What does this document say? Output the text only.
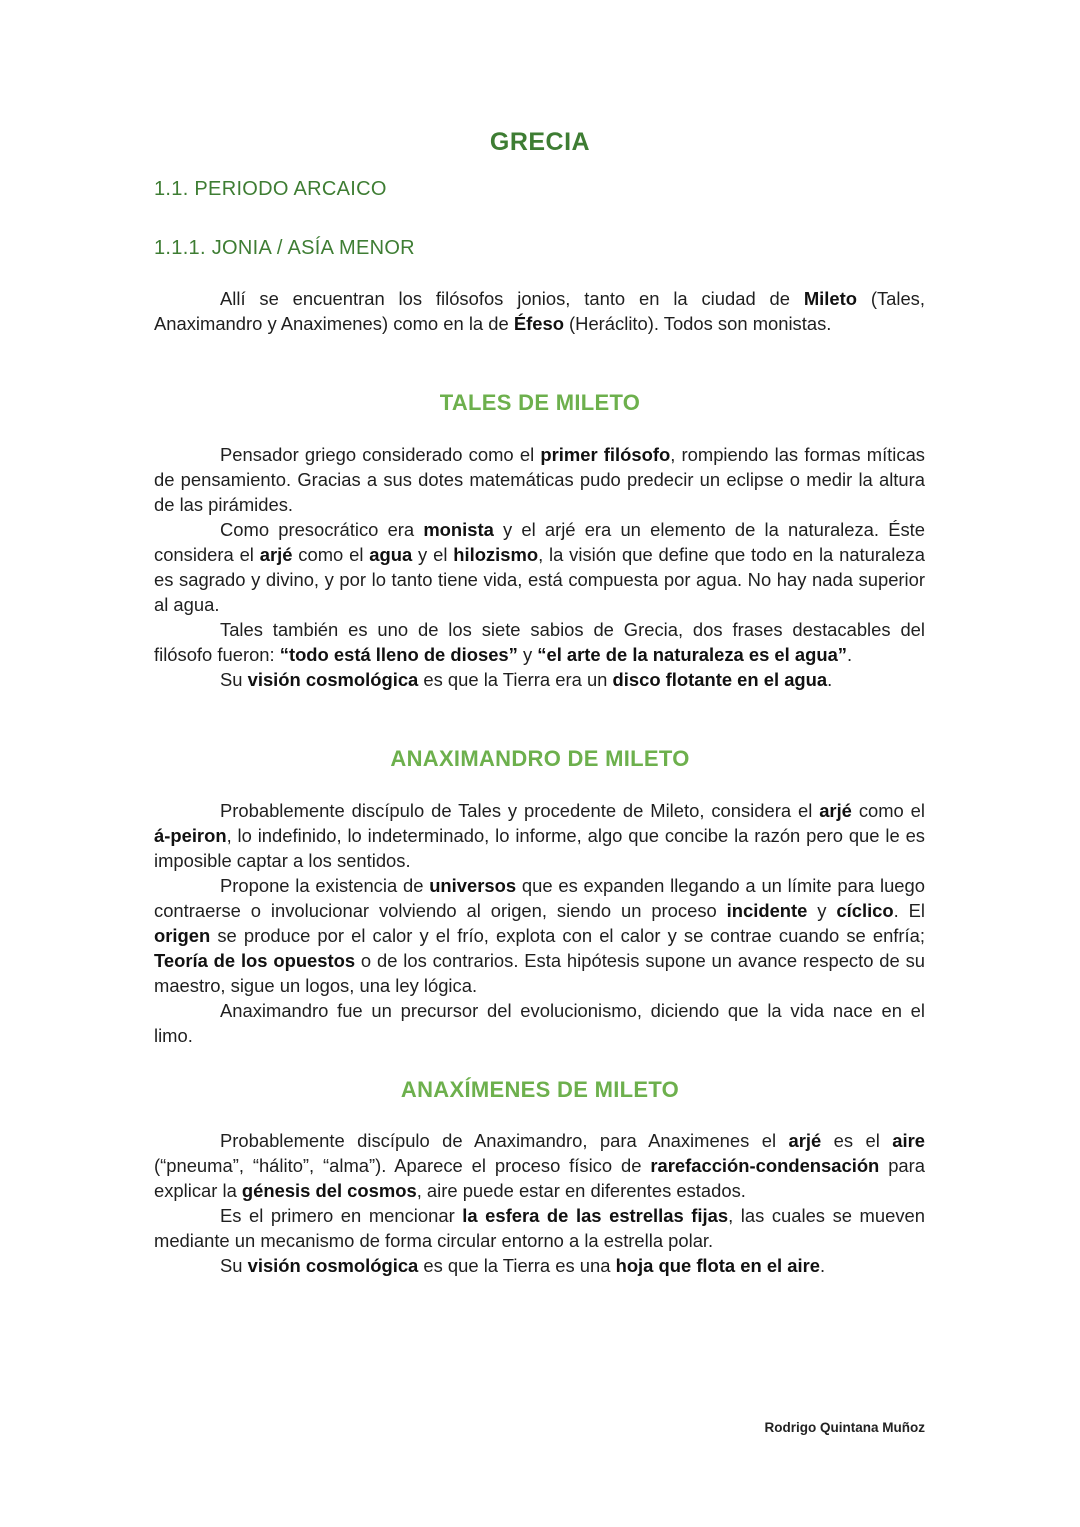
GRECIA
1.1. PERIODO ARCAICO
1.1.1. JONIA / ASÍA MENOR

Allí se encuentran los filósofos jonios, tanto en la ciudad de Mileto (Tales, Anaximandro y Anaximenes) como en la de Éfeso (Heráclito). Todos son monistas.

TALES DE MILETO

Pensador griego considerado como el primer filósofo, rompiendo las formas míticas de pensamiento. Gracias a sus dotes matemáticas pudo predecir un eclipse o medir la altura de las pirámides.

Como presocrático era monista y el arjé era un elemento de la naturaleza. Éste considera el arjé como el agua y el hilozismo, la visión que define que todo en la naturaleza es sagrado y divino, y por lo tanto tiene vida, está compuesta por agua. No hay nada superior al agua.

Tales también es uno de los siete sabios de Grecia, dos frases destacables del filósofo fueron: “todo está lleno de dioses” y “el arte de la naturaleza es el agua”.

Su visión cosmológica es que la Tierra era un disco flotante en el agua.

ANAXIMANDRO DE MILETO

Probablemente discípulo de Tales y procedente de Mileto, considera el arjé como el á-peiron, lo indefinido, lo indeterminado, lo informe, algo que concibe la razón pero que le es imposible captar a los sentidos.

Propone la existencia de universos que es expanden llegando a un límite para luego contraerse o involucionar volviendo al origen, siendo un proceso incidente y cíclico. El origen se produce por el calor y el frío, explota con el calor y se contrae cuando se enfría; Teoría de los opuestos o de los contrarios. Esta hipótesis supone un avance respecto de su maestro, sigue un logos, una ley lógica.

Anaximandro fue un precursor del evolucionismo, diciendo que la vida nace en el limo.

ANAXÍMENES DE MILETO

Probablemente discípulo de Anaximandro, para Anaximenes el arjé es el aire (“pneuma”, “hálito”, “alma”). Aparece el proceso físico de rarefacción-condensación para explicar la génesis del cosmos, aire puede estar en diferentes estados.

Es el primero en mencionar la esfera de las estrellas fijas, las cuales se mueven mediante un mecanismo de forma circular entorno a la estrella polar.

Su visión cosmológica es que la Tierra es una hoja que flota en el aire.

Rodrigo Quintana Muñoz
